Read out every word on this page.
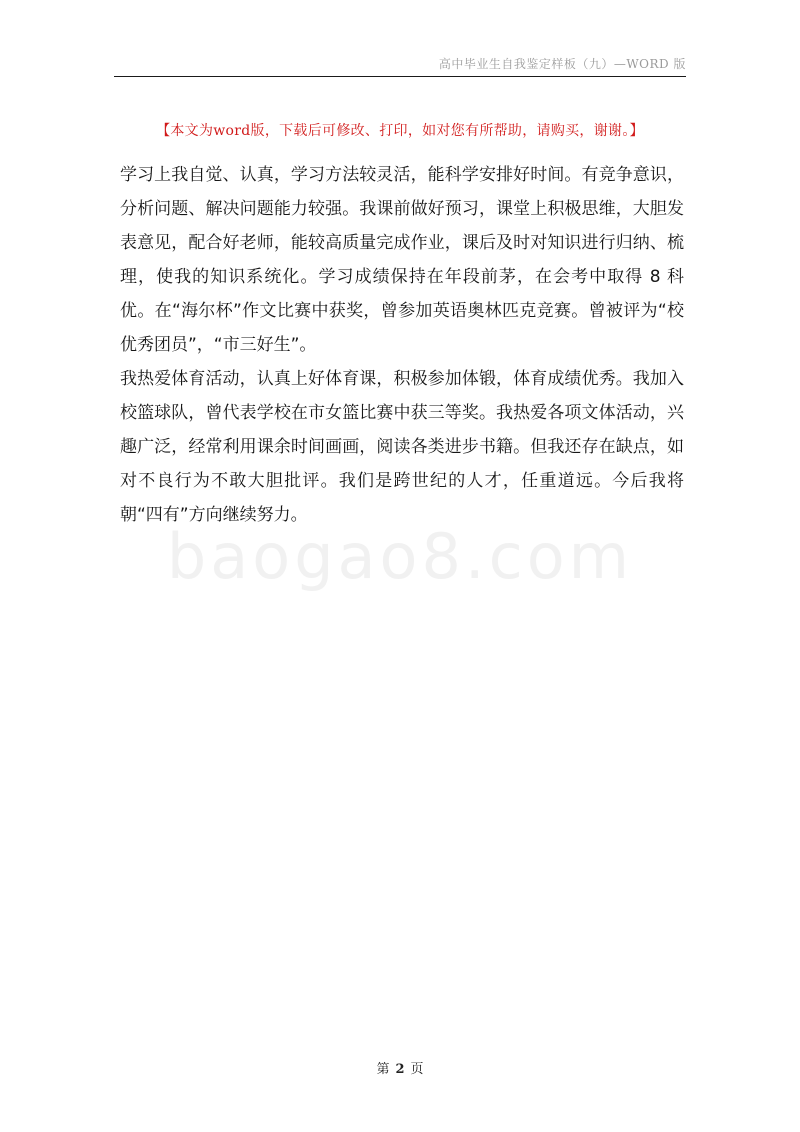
高中毕业生自我鉴定样板（九）—WORD 版
【本文为word版，下载后可修改、打印，如对您有所帮助，请购买，谢谢。】

学习上我自觉、认真，学习方法较灵活，能科学安排好时间。有竞争意识，分析问题、解决问题能力较强。我课前做好预习，课堂上积极思维，大胆发表意见，配合好老师，能较高质量完成作业，课后及时对知识进行归纳、梳理，使我的知识系统化。学习成绩保持在年段前茅，在会考中取得 8 科优。在“海尔杯”作文比赛中获奖，曾参加英语奥林匹克竞赛。曾被评为“校优秀团员”，“市三好生”。

我热爱体育活动，认真上好体育课，积极参加体锻，体育成绩优秀。我加入校篮球队，曾代表学校在市女篮比赛中获三等奖。我热爱各项文体活动，兴趣广泛，经常利用课余时间画画，阅读各类进步书籍。但我还存在缺点，如对不良行为不敢大胆批评。我们是跨世纪的人才，任重道远。今后我将朝“四有”方向继续努力。

baogao8.com
第 2 页
